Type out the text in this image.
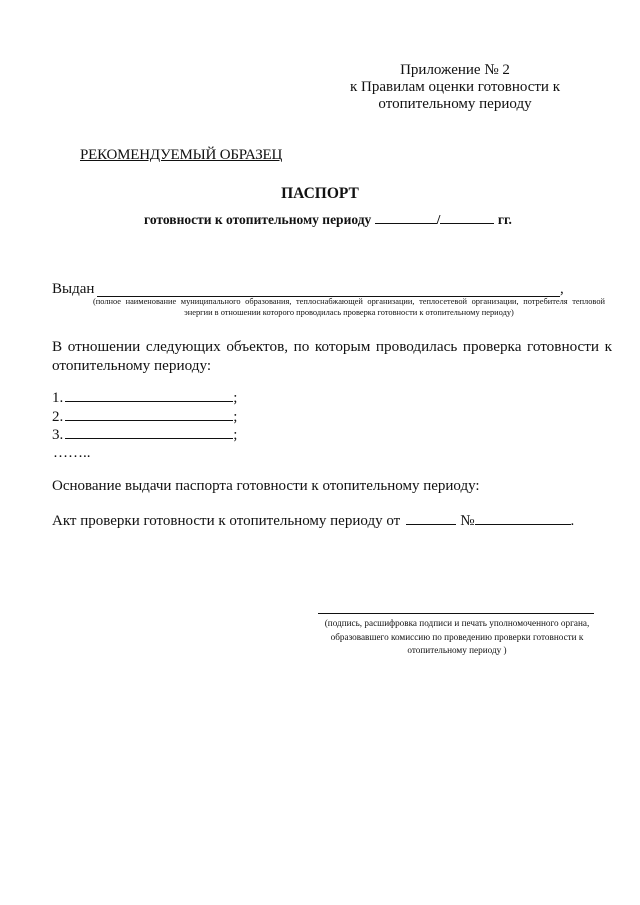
Приложение № 2
к Правилам оценки готовности к
отопительному периоду
РЕКОМЕНДУЕМЫЙ ОБРАЗЕЦ
ПАСПОРТ
готовности к отопительному периоду	/	гг.
Выдан	,
(полное наименование муниципального образования, теплоснабжающей организации, теплосетевой организации, потребителя тепловой энергии в отношении которого проводилась проверка готовности к отопительному периоду)
В отношении следующих объектов, по которым проводилась проверка готовности к отопительному периоду:
1.	;
2.	;
3.	;
……..
Основание выдачи паспорта готовности к отопительному периоду:
Акт проверки готовности к отопительному периоду от	№	.
(подпись, расшифровка подписи и печать уполномоченного органа, образовавшего комиссию по проведению проверки готовности к отопительному периоду )
